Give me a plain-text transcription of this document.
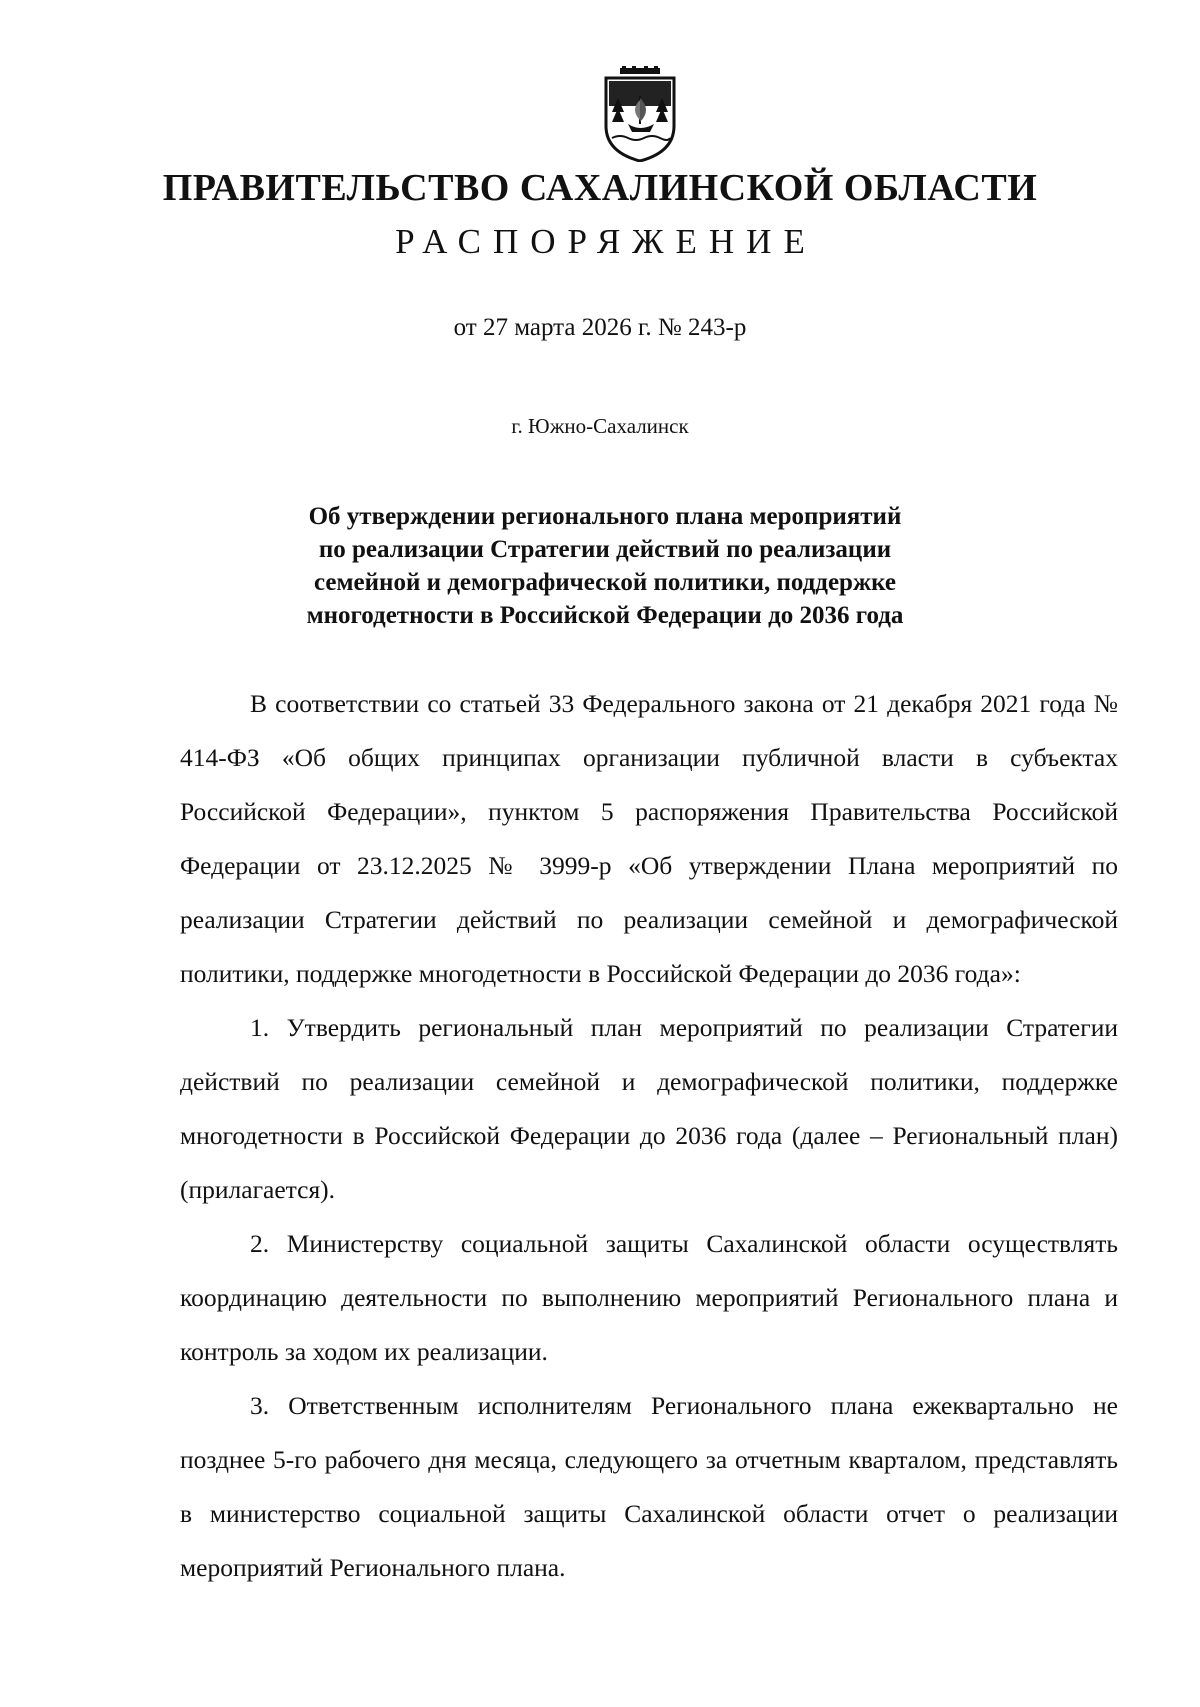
ПРАВИТЕЛЬСТВО САХАЛИНСКОЙ ОБЛАСТИ
РАСПОРЯЖЕНИЕ
от 27 марта 2026 г. № 243-р
г. Южно-Сахалинск
Об утверждении регионального плана мероприятий
по реализации Стратегии действий по реализации
семейной и демографической политики, поддержке
многодетности в Российской Федерации до 2036 года

В соответствии со статьей 33 Федерального закона от 21 декабря 2021 года № 414-ФЗ «Об общих принципах организации публичной власти в субъектах Российской Федерации», пунктом 5 распоряжения Правительства Российской Федерации от 23.12.2025 № 3999-р «Об утверждении Плана мероприятий по реализации Стратегии действий по реализации семейной и демографической политики, поддержке многодетности в Российской Федерации до 2036 года»:

1. Утвердить региональный план мероприятий по реализации Стратегии действий по реализации семейной и демографической политики, поддержке многодетности в Российской Федерации до 2036 года (далее – Региональный план) (прилагается).

2. Министерству социальной защиты Сахалинской области осуществлять координацию деятельности по выполнению мероприятий Регионального плана и контроль за ходом их реализации.

3. Ответственным исполнителям Регионального плана ежеквартально не позднее 5-го рабочего дня месяца, следующего за отчетным кварталом, представлять в министерство социальной защиты Сахалинской области отчет о реализации мероприятий Регионального плана.
